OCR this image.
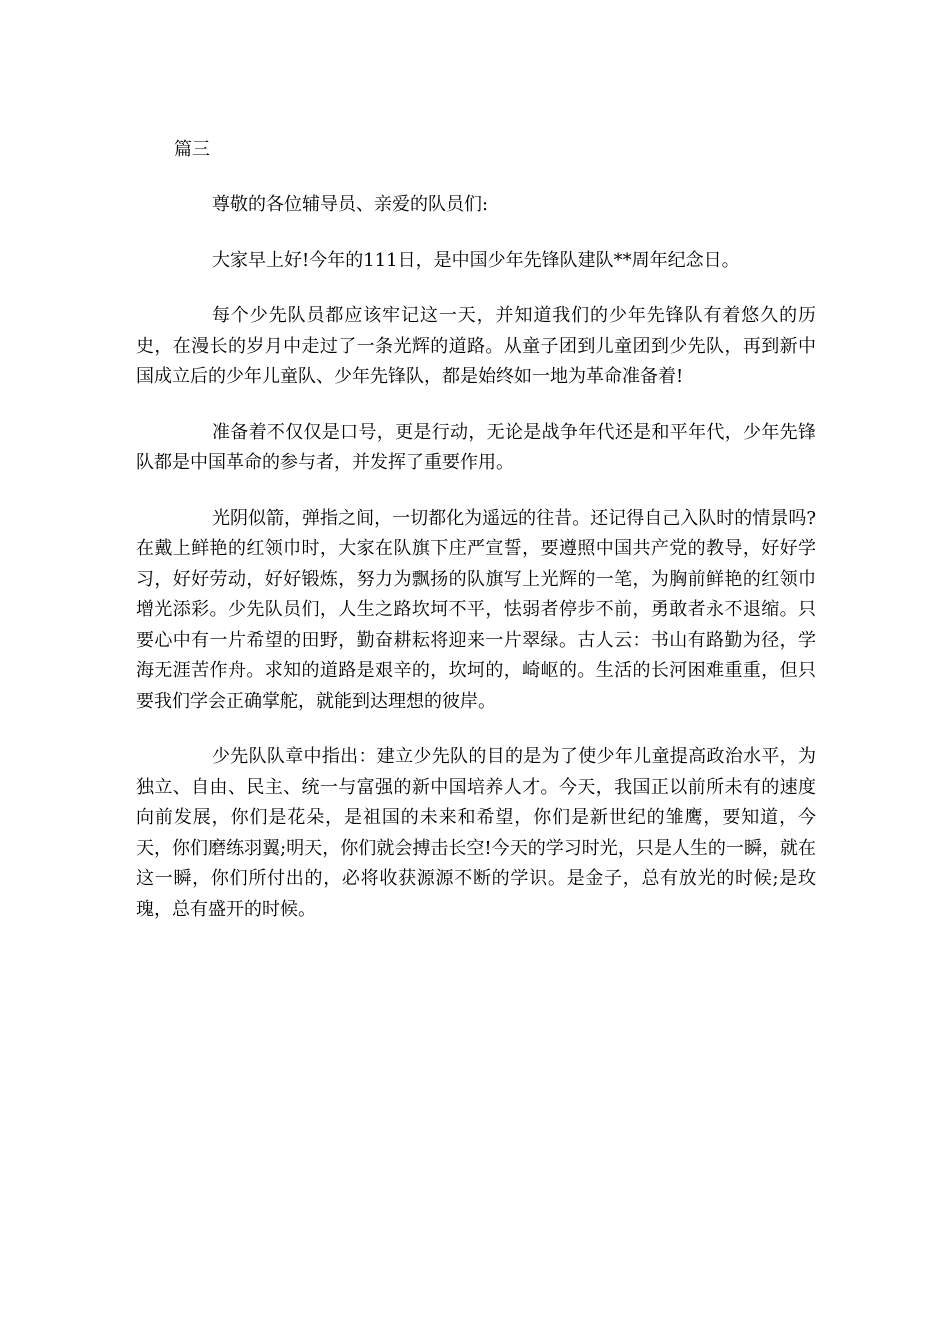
篇三

尊敬的各位辅导员、亲爱的队员们:

大家早上好!今年的111日，是中国少年先锋队建队**周年纪念日。

每个少先队员都应该牢记这一天，并知道我们的少年先锋队有着悠久的历史，在漫长的岁月中走过了一条光辉的道路。从童子团到儿童团到少先队，再到新中国成立后的少年儿童队、少年先锋队，都是始终如一地为革命准备着!

准备着不仅仅是口号，更是行动，无论是战争年代还是和平年代，少年先锋队都是中国革命的参与者，并发挥了重要作用。

光阴似箭，弹指之间，一切都化为遥远的往昔。还记得自己入队时的情景吗?在戴上鲜艳的红领巾时，大家在队旗下庄严宣誓，要遵照中国共产党的教导，好好学习，好好劳动，好好锻炼，努力为飘扬的队旗写上光辉的一笔，为胸前鲜艳的红领巾增光添彩。少先队员们，人生之路坎坷不平，怯弱者停步不前，勇敢者永不退缩。只要心中有一片希望的田野，勤奋耕耘将迎来一片翠绿。古人云：书山有路勤为径，学海无涯苦作舟。求知的道路是艰辛的，坎坷的，崎岖的。生活的长河困难重重，但只要我们学会正确掌舵，就能到达理想的彼岸。

少先队队章中指出：建立少先队的目的是为了使少年儿童提高政治水平，为独立、自由、民主、统一与富强的新中国培养人才。今天，我国正以前所未有的速度向前发展，你们是花朵，是祖国的未来和希望，你们是新世纪的雏鹰，要知道，今天，你们磨练羽翼;明天，你们就会搏击长空!今天的学习时光，只是人生的一瞬，就在这一瞬，你们所付出的，必将收获源源不断的学识。是金子，总有放光的时候;是玫瑰，总有盛开的时候。
